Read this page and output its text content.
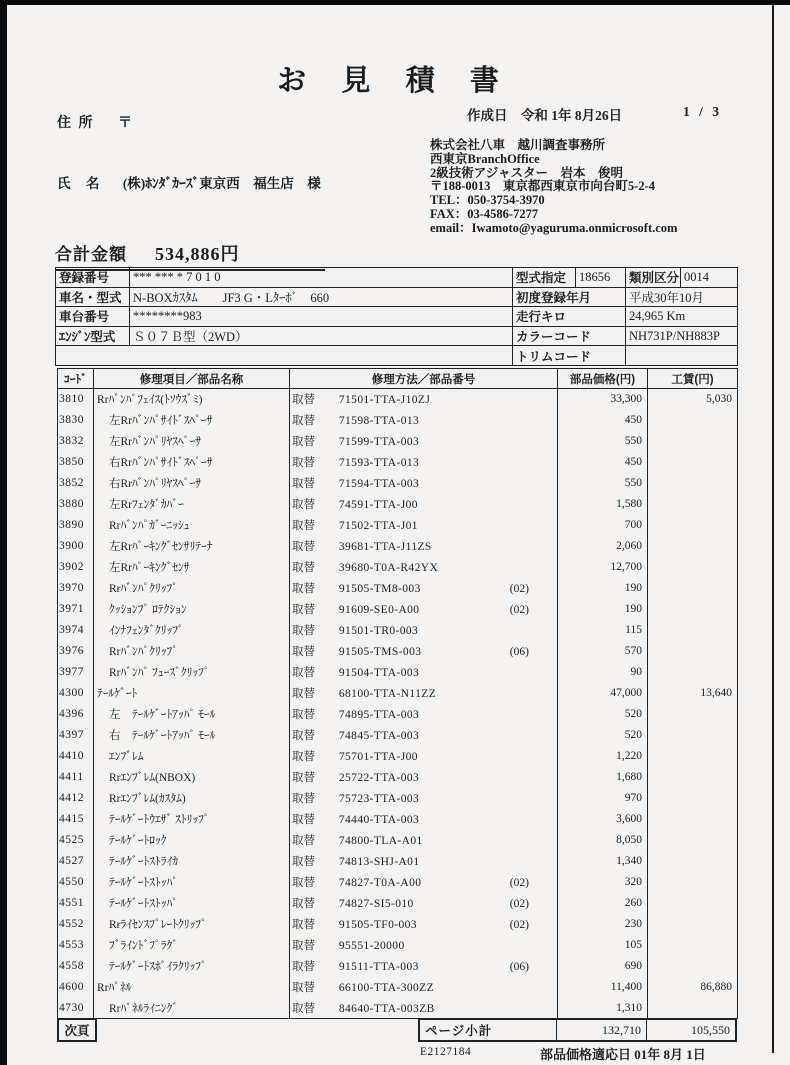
お 見 積 書
作成日 令和 1年 8月26日	1 / 3
住 所 〒
氏 名 (株)ﾎﾝﾀﾞｶｰｽﾞ東京西　福生店　様
株式会社八車　越川調査事務所
西東京BranchOffice
2級技術アジャスター　岩本　俊明
〒188-0013　東京都西東京市向台町5-2-4
TEL：050-3754-3970
FAX：03-4586-7277
email：Iwamoto@yaguruma.onmicrosoft.com
合計金額 534,886円
登録番号	*** *** * 7 0 1 0	型式指定	18656	類別区分	0014
車名・型式	N-BOXｶｽﾀﾑ　　JF3 G・Lﾀｰﾎﾞ　660	初度登録年月		平成30年10月	
車台番号	********983	走行キロ		24,965 Km	
ｴﾝｼﾞﾝ型式	Ｓ０７Ｂ型（2WD）	カラーコード		NH731P/NH883P	
		トリムコード			
ｺｰﾄﾞ	修理項目／部品名称	修理方法／部品番号	部品価格(円)	工賃(円)
3810	Rrﾊﾞﾝﾊﾟﾌｪｲｽ(ﾄｿｳｽﾞﾐ)	取替 71501-TTA-J10ZJ	33,300	5,030
3830	左Rrﾊﾞﾝﾊﾟｻｲﾄﾞｽﾍﾟｰｻ	取替 71598-TTA-013	450	
3832	左Rrﾊﾞﾝﾊﾟﾘﾔｽﾍﾟｰｻ	取替 71599-TTA-003	550	
3850	右Rrﾊﾞﾝﾊﾟｻｲﾄﾞｽﾍﾟｰｻ	取替 71593-TTA-013	450	
3852	右Rrﾊﾞﾝﾊﾟﾘﾔｽﾍﾟｰｻ	取替 71594-TTA-003	550	
3880	左Rrﾌｪﾝﾀﾞｶﾊﾞｰ	取替 74591-TTA-J00	1,580	
3890	Rrﾊﾞﾝﾊﾟｶﾞｰﾆｯｼｭ	取替 71502-TTA-J01	700	
3900	左Rrﾊﾟｰｷﾝｸﾞｾﾝｻﾘﾃｰﾅ	取替 39681-TTA-J11ZS	2,060	
3902	左Rrﾊﾟｰｷﾝｸﾞｾﾝｻ	取替 39680-T0A-R42YX	12,700	
3970	Rrﾊﾞﾝﾊﾟｸﾘｯﾌﾟ	取替 91505-TM8-003 (02)	190	
3971	ｸｯｼｮﾝﾌﾟ ﾛﾃｸｼｮﾝ	取替 91609-SE0-A00 (02)	190	
3974	ｲﾝﾅﾌｪﾝﾀﾞｸﾘｯﾌﾟ	取替 91501-TR0-003	115	
3976	Rrﾊﾞﾝﾊﾟｸﾘｯﾌﾟ	取替 91505-TMS-003 (06)	570	
3977	Rrﾊﾞﾝﾊﾟ ﾌｭｰｽﾞｸﾘｯﾌﾟ	取替 91504-TTA-003	90	
4300	ﾃｰﾙｹﾞｰﾄ	取替 68100-TTA-N11ZZ	47,000	13,640
4396	左　ﾃｰﾙｹﾞｰﾄｱｯﾊﾟ ﾓｰﾙ	取替 74895-TTA-003	520	
4397	右　ﾃｰﾙｹﾞｰﾄｱｯﾊﾟ ﾓｰﾙ	取替 74845-TTA-003	520	
4410	ｴﾝﾌﾞﾚﾑ	取替 75701-TTA-J00	1,220	
4411	Rrｴﾝﾌﾞﾚﾑ(NBOX)	取替 25722-TTA-003	1,680	
4412	Rrｴﾝﾌﾞﾚﾑ(ｶｽﾀﾑ)	取替 75723-TTA-003	970	
4415	ﾃｰﾙｹﾞｰﾄｳｴｻﾞ ｽﾄﾘｯﾌﾟ	取替 74440-TTA-003	3,600	
4525	ﾃｰﾙｹﾞｰﾄﾛｯｸ	取替 74800-TLA-A01	8,050	
4527	ﾃｰﾙｹﾞｰﾄｽﾄﾗｲｶ	取替 74813-SHJ-A01	1,340	
4550	ﾃｰﾙｹﾞｰﾄｽﾄｯﾊﾟ	取替 74827-T0A-A00 (02)	320	
4551	ﾃｰﾙｹﾞｰﾄｽﾄｯﾊﾟ	取替 74827-SI5-010 (02)	260	
4552	Rrﾗｲｾﾝｽﾌﾟﾚｰﾄｸﾘｯﾌﾟ	取替 91505-TF0-003 (02)	230	
4553	ﾌﾞﾗｲﾝﾄﾞﾌﾟﾗｸﾞ	取替 95551-20000	105	
4558	ﾃｰﾙｹﾞｰﾄｽﾎﾟｲﾗｸﾘｯﾌﾟ	取替 91511-TTA-003 (06)	690	
4600	Rrﾊﾟﾈﾙ	取替 66100-TTA-300ZZ	11,400	86,880
4730	Rrﾊﾟﾈﾙﾗｲﾆﾝｸﾞ	取替 84640-TTA-003ZB	1,310	
次頁	ページ小計	132,710	105,550
E2127184	部品価格適応日 01年 8月 1日
